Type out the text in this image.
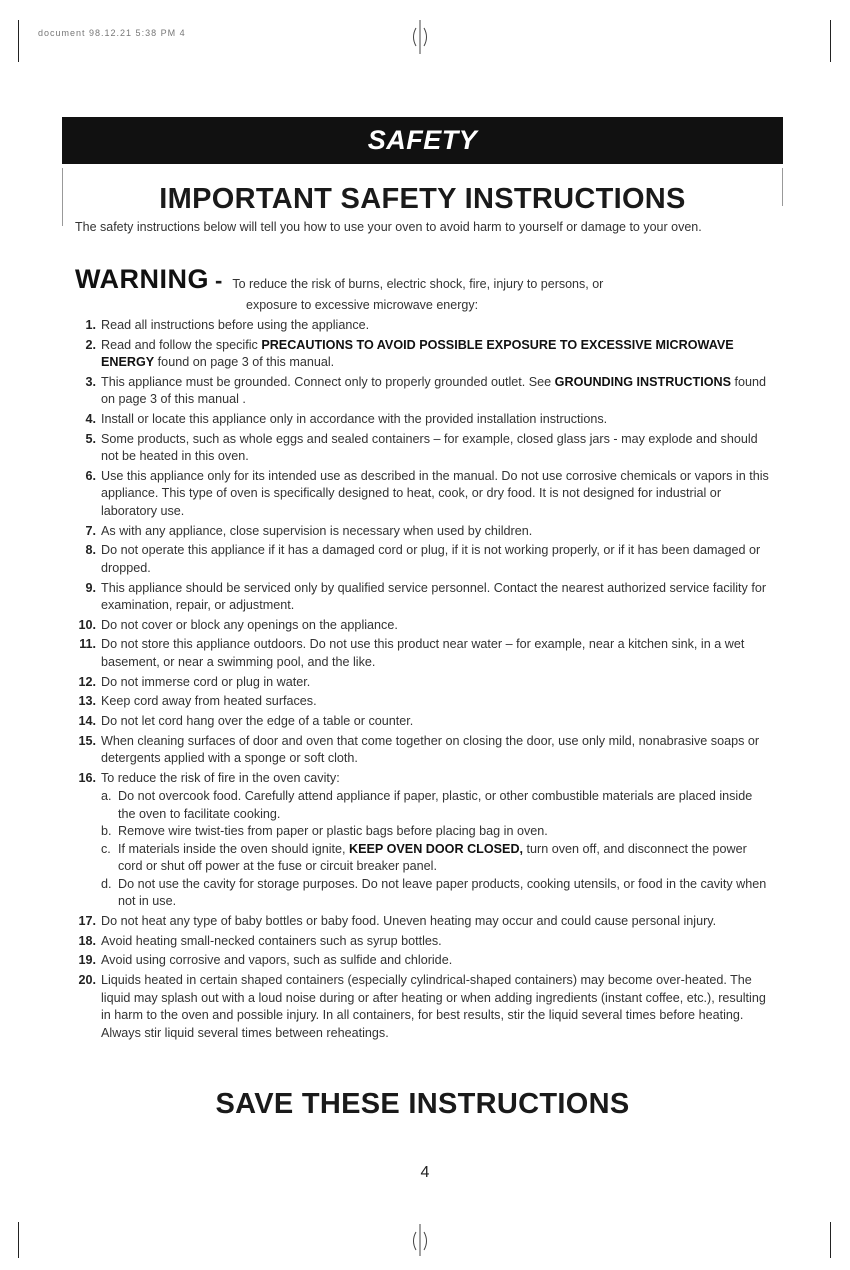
document 98.12.21 5:38 PM 4
SAFETY
IMPORTANT SAFETY INSTRUCTIONS

The safety instructions below will tell you how to use your oven to avoid harm to yourself or damage to your oven.

WARNING - To reduce the risk of burns, electric shock, fire, injury to persons, or
exposure to excessive microwave energy:
1. Read all instructions before using the appliance.
2. Read and follow the specific PRECAUTIONS TO AVOID POSSIBLE EXPOSURE TO EXCESSIVE MICROWAVE ENERGY found on page 3 of this manual.
3. This appliance must be grounded. Connect only to properly grounded outlet. See GROUNDING INSTRUCTIONS found on page 3 of this manual .
4. Install or locate this appliance only in accordance with the provided installation instructions.
5. Some products, such as whole eggs and sealed containers – for example, closed glass jars - may explode and should not be heated in this oven.
6. Use this appliance only for its intended use as described in the manual. Do not use corrosive chemicals or vapors in this appliance. This type of oven is specifically designed to heat, cook, or dry food. It is not designed for industrial or laboratory use.
7. As with any appliance, close supervision is necessary when used by children.
8. Do not operate this appliance if it has a damaged cord or plug, if it is not working properly, or if it has been damaged or dropped.
9. This appliance should be serviced only by qualified service personnel. Contact the nearest authorized service facility for examination, repair, or adjustment.
10. Do not cover or block any openings on the appliance.
11. Do not store this appliance outdoors. Do not use this product near water – for example, near a kitchen sink, in a wet basement, or near a swimming pool, and the like.
12. Do not immerse cord or plug in water.
13. Keep cord away from heated surfaces.
14. Do not let cord hang over the edge of a table or counter.
15. When cleaning surfaces of door and oven that come together on closing the door, use only mild, nonabrasive soaps or detergents applied with a sponge or soft cloth.
16. To reduce the risk of fire in the oven cavity:
a. Do not overcook food. Carefully attend appliance if paper, plastic, or other combustible materials are placed inside the oven to facilitate cooking.
b. Remove wire twist-ties from paper or plastic bags before placing bag in oven.
c. If materials inside the oven should ignite, KEEP OVEN DOOR CLOSED, turn oven off, and disconnect the power cord or shut off power at the fuse or circuit breaker panel.
d. Do not use the cavity for storage purposes. Do not leave paper products, cooking utensils, or food in the cavity when not in use.
17. Do not heat any type of baby bottles or baby food. Uneven heating may occur and could cause personal injury.
18. Avoid heating small-necked containers such as syrup bottles.
19. Avoid using corrosive and vapors, such as sulfide and chloride.
20. Liquids heated in certain shaped containers (especially cylindrical-shaped containers) may become over-heated. The liquid may splash out with a loud noise during or after heating or when adding ingredients (instant coffee, etc.), resulting in harm to the oven and possible injury. In all containers, for best results, stir the liquid several times before heating. Always stir liquid several times between reheatings.
SAVE THESE INSTRUCTIONS
4
